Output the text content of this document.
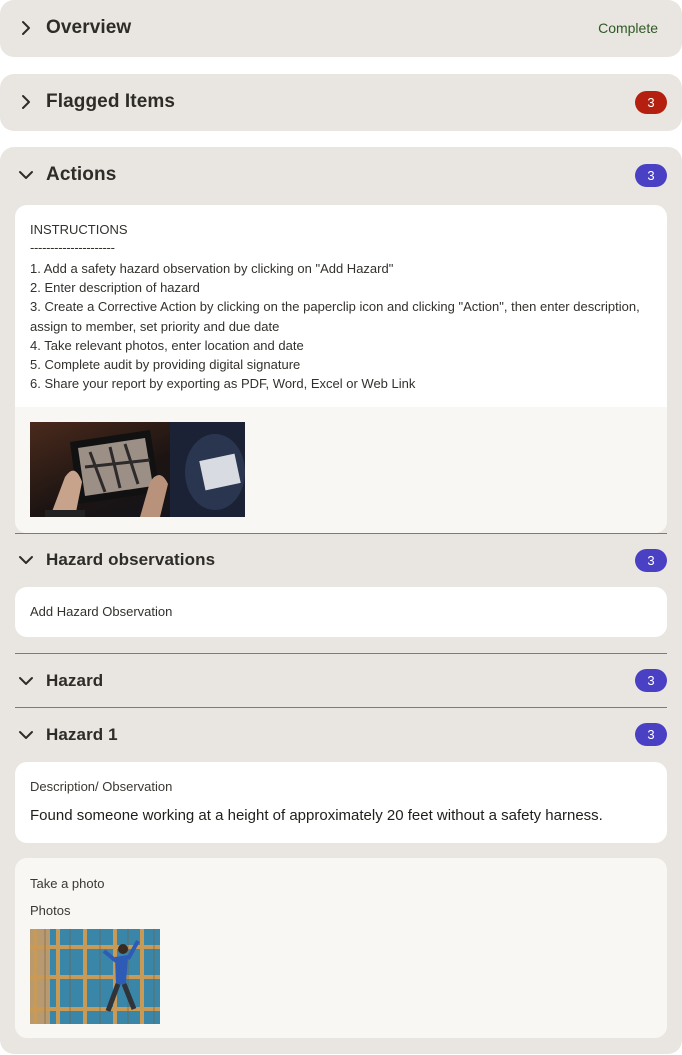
Overview	Complete
Flagged Items	3
Actions	3
INSTRUCTIONS
---------------------
1. Add a safety hazard observation by clicking on "Add Hazard"
2. Enter description of hazard
3. Create a Corrective Action by clicking on the paperclip icon and clicking "Action", then enter description, assign to member, set priority and due date
4. Take relevant photos, enter location and date
5. Complete audit by providing digital signature
6. Share your report by exporting as PDF, Word, Excel or Web Link
Hazard observations	3
Add Hazard Observation
Hazard	3
Hazard 1	3
Description/ Observation
Found someone working at a height of approximately 20 feet without a safety harness.
Take a photo
Photos
